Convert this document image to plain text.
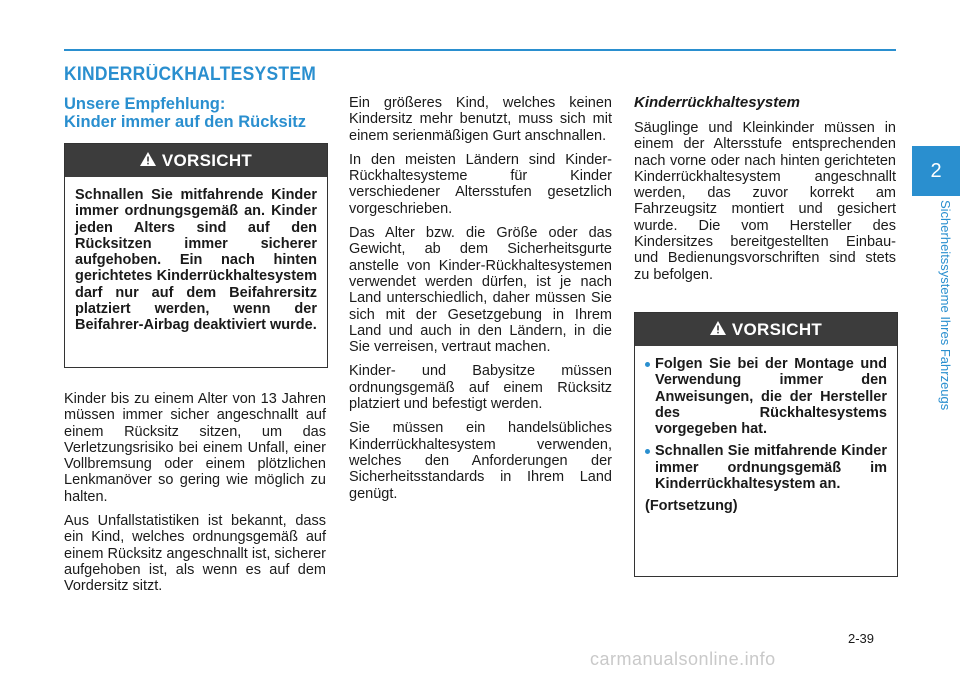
KINDERRÜCKHALTESYSTEM
Unsere Empfehlung:
Kinder immer auf den Rücksitz
VORSICHT

Schnallen Sie mitfahrende Kinder immer ordnungsgemäß an. Kinder jeden Alters sind auf den Rücksitzen immer sicherer aufgehoben. Ein nach hinten gerichtetes Kinderrückhaltesystem darf nur auf dem Beifahrersitz platziert werden, wenn der Beifahrer-Airbag deaktiviert wurde.

Kinder bis zu einem Alter von 13 Jahren müssen immer sicher angeschnallt auf einem Rücksitz sitzen, um das Verletzungsrisiko bei einem Unfall, einer Vollbremsung oder einem plötzlichen Lenkmanöver so gering wie möglich zu halten.

Aus Unfallstatistiken ist bekannt, dass ein Kind, welches ordnungsgemäß auf einem Rücksitz angeschnallt ist, sicherer aufgehoben ist, als wenn es auf dem Vordersitz sitzt.

Ein größeres Kind, welches keinen Kindersitz mehr benutzt, muss sich mit einem serienmäßigen Gurt anschnallen.

In den meisten Ländern sind Kinder-Rückhaltesysteme für Kinder verschiedener Altersstufen gesetzlich vorgeschrieben.

Das Alter bzw. die Größe oder das Gewicht, ab dem Sicherheitsgurte anstelle von Kinder-Rückhaltesystemen verwendet werden dürfen, ist je nach Land unterschiedlich, daher müssen Sie sich mit der Gesetzgebung in Ihrem Land und auch in den Ländern, in die Sie verreisen, vertraut machen.

Kinder- und Babysitze müssen ordnungsgemäß auf einem Rücksitz platziert und befestigt werden.

Sie müssen ein handelsübliches Kinderrückhaltesystem verwenden, welches den Anforderungen der Sicherheitsstandards in Ihrem Land genügt.

Kinderrückhaltesystem

Säuglinge und Kleinkinder müssen in einem der Altersstufe entsprechenden nach vorne oder nach hinten gerichteten Kinderrückhaltesystem angeschnallt werden, das zuvor korrekt am Fahrzeugsitz montiert und gesichert wurde. Die vom Hersteller des Kindersitzes bereitgestellten Einbau- und Bedienungsvorschriften sind stets zu befolgen.

VORSICHT
Folgen Sie bei der Montage und Verwendung immer den Anweisungen, die der Hersteller des Rückhaltesystems vorgegeben hat.
Schnallen Sie mitfahrende Kinder immer ordnungsgemäß im Kinderrückhaltesystem an.

(Fortsetzung)

2
Sicherheitssysteme Ihres Fahrzeugs

2-39

carmanualsonline.info
